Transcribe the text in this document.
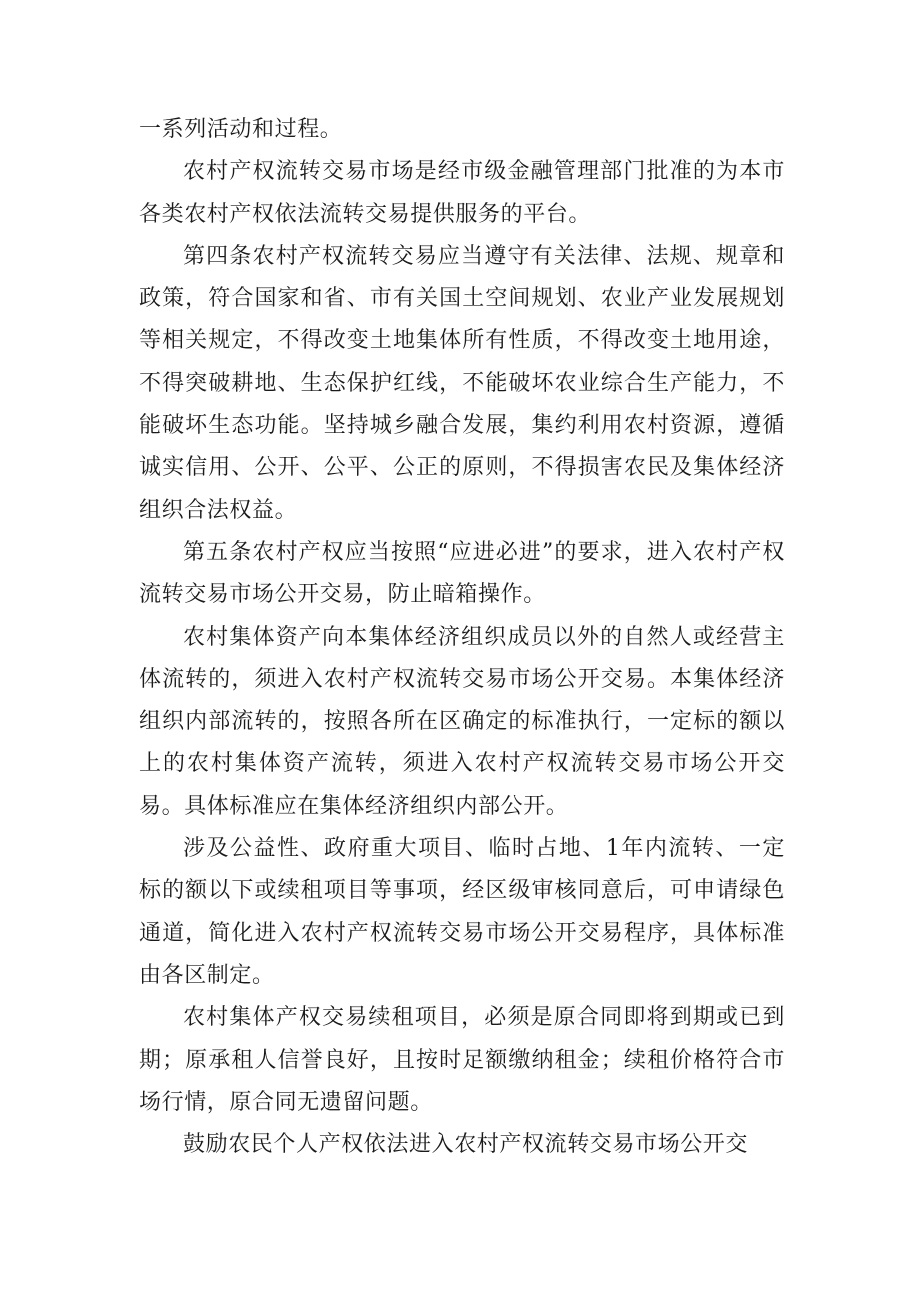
一系列活动和过程。

农村产权流转交易市场是经市级金融管理部门批准的为本市各类农村产权依法流转交易提供服务的平台。

第四条农村产权流转交易应当遵守有关法律、法规、规章和政策，符合国家和省、市有关国土空间规划、农业产业发展规划等相关规定，不得改变土地集体所有性质，不得改变土地用途，不得突破耕地、生态保护红线，不能破坏农业综合生产能力，不能破坏生态功能。坚持城乡融合发展，集约利用农村资源，遵循诚实信用、公开、公平、公正的原则，不得损害农民及集体经济组织合法权益。

第五条农村产权应当按照“应进必进”的要求，进入农村产权流转交易市场公开交易，防止暗箱操作。

农村集体资产向本集体经济组织成员以外的自然人或经营主体流转的，须进入农村产权流转交易市场公开交易。本集体经济组织内部流转的，按照各所在区确定的标准执行，一定标的额以上的农村集体资产流转，须进入农村产权流转交易市场公开交易。具体标准应在集体经济组织内部公开。

涉及公益性、政府重大项目、临时占地、1年内流转、一定标的额以下或续租项目等事项，经区级审核同意后，可申请绿色通道，简化进入农村产权流转交易市场公开交易程序，具体标准由各区制定。

农村集体产权交易续租项目，必须是原合同即将到期或已到期；原承租人信誉良好，且按时足额缴纳租金；续租价格符合市场行情，原合同无遗留问题。

鼓励农民个人产权依法进入农村产权流转交易市场公开交
